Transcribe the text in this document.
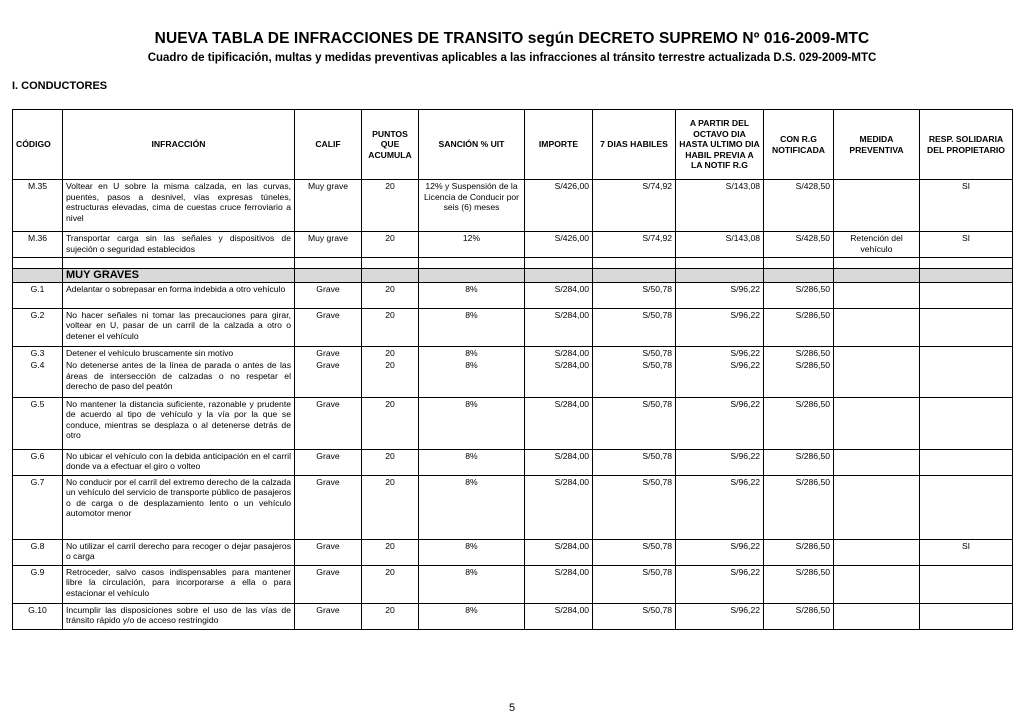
NUEVA TABLA DE INFRACCIONES DE TRANSITO según DECRETO SUPREMO Nº 016-2009-MTC
Cuadro de tipificación, multas y medidas preventivas aplicables a las infracciones al tránsito terrestre actualizada D.S. 029-2009-MTC
I. CONDUCTORES
CÓDIGO	INFRACCIÓN	CALIF	PUNTOS QUE ACUMULA	SANCIÓN % UIT	IMPORTE	7 DIAS HABILES	A PARTIR DEL OCTAVO DIA HASTA ULTIMO DIA HABIL PREVIA A LA NOTIF R.G	CON R.G NOTIFICADA	MEDIDA PREVENTIVA	RESP. SOLIDARIA DEL PROPIETARIO
M.35	Voltear en U sobre la misma calzada, en las curvas, puentes, pasos a desnivel, vías expresas túneles, estructuras elevadas, cima de cuestas cruce ferroviario a nivel	Muy grave	20	12% y Suspensión de la Licencia de Conducir por seis (6) meses	S/426,00	S/74,92	S/143,08	S/428,50		SI
M.36	Transportar carga sin las señales y dispositivos de sujeción o seguridad establecidos	Muy grave	20	12%	S/426,00	S/74,92	S/143,08	S/428,50	Retención del vehículo	SI

	MUY GRAVES									
G.1	Adelantar o sobrepasar en forma indebida a otro vehículo	Grave	20	8%	S/284,00	S/50,78	S/96,22	S/286,50		
G.2	No hacer señales ni tomar las precauciones para girar, voltear en U, pasar de un carril de la calzada a otro o detener el vehículo	Grave	20	8%	S/284,00	S/50,78	S/96,22	S/286,50		
G.3	Detener el vehículo bruscamente sin motivo	Grave	20	8%	S/284,00	S/50,78	S/96,22	S/286,50		
G.4	No detenerse antes de la línea de parada o antes de las áreas de intersección de calzadas o no respetar el derecho de paso del peatón	Grave	20	8%	S/284,00	S/50,78	S/96,22	S/286,50		
G.5	No mantener la distancia suficiente, razonable y prudente de acuerdo al tipo de vehículo y la vía por la que se conduce, mientras se desplaza o al detenerse detrás de otro	Grave	20	8%	S/284,00	S/50,78	S/96,22	S/286,50		
G.6	No ubicar el vehículo con la debida anticipación en el carril donde va a efectuar el giro o volteo	Grave	20	8%	S/284,00	S/50,78	S/96,22	S/286,50		
G.7	No conducir por el carril del extremo derecho de la calzada un vehículo del servicio de transporte público de pasajeros o de carga o de desplazamiento lento o un vehículo automotor menor	Grave	20	8%	S/284,00	S/50,78	S/96,22	S/286,50		
G.8	No utilizar el carril derecho para recoger o dejar pasajeros o carga	Grave	20	8%	S/284,00	S/50,78	S/96,22	S/286,50		SI
G.9	Retroceder, salvo casos indispensables para mantener libre la circulación, para incorporarse a ella o para estacionar el vehículo	Grave	20	8%	S/284,00	S/50,78	S/96,22	S/286,50		
G.10	Incumplir las disposiciones sobre el uso de las vías de tránsito rápido y/o de acceso restringido	Grave	20	8%	S/284,00	S/50,78	S/96,22	S/286,50		
5
